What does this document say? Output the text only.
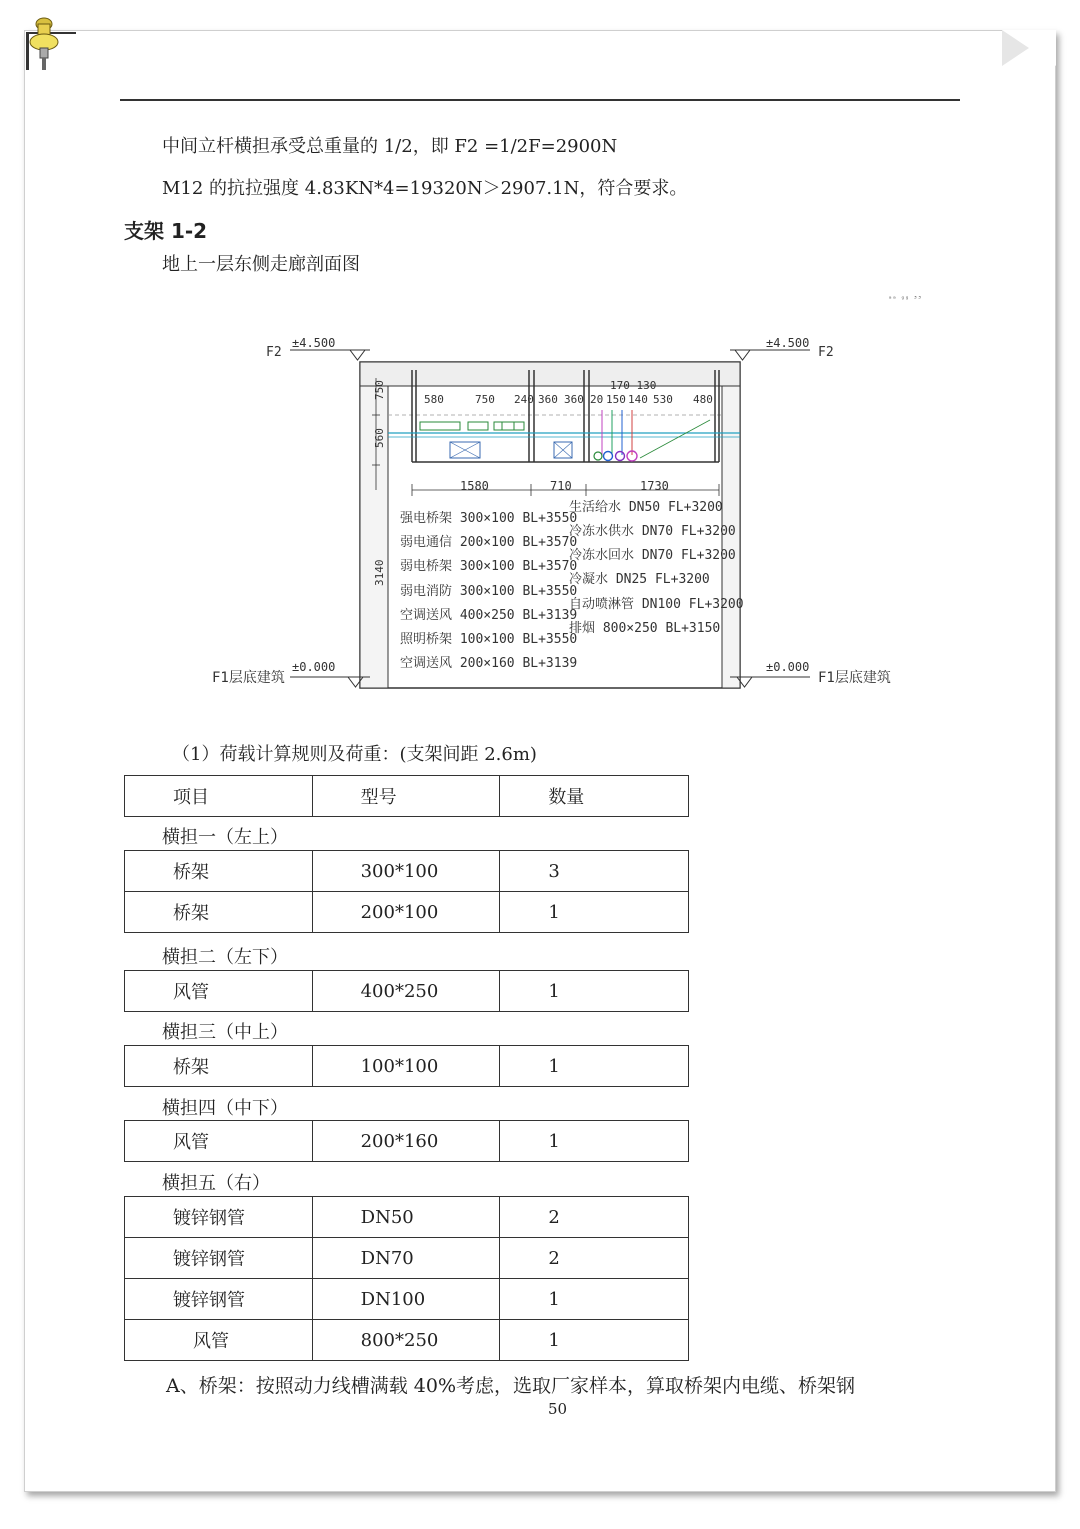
中间立杆横担承受总重量的 1/2，即 F2 =1/2F=2900N
M12 的抗拉强度 4.83KN*4=19320N＞2907.1N，符合要求。
支架 1-2
地上一层东侧走廊剖面图
ᵃᵃ ᵍᵍ ³³
±4.500	±4.500
F2	F2
±0.000	±0.000
F1层底建筑	F1层底建筑
750
560
3140
580	750 240 360 360 20 150 140 530 480
170 130
1580	710	1730
强电桥架 300×100 BL+3550
弱电通信 200×100 BL+3570
弱电桥架 300×100 BL+3570
弱电消防 300×100 BL+3550
空调送风 400×250 BL+3139
照明桥架 100×100 BL+3550
空调送风 200×160 BL+3139
生活给水 DN50 FL+3200
冷冻水供水 DN70 FL+3200
冷冻水回水 DN70 FL+3200
冷凝水 DN25 FL+3200
自动喷淋管 DN100 FL+3200
排烟 800×250 BL+3150
（1）荷载计算规则及荷重：(支架间距 2.6m)
项目	型号	数量
横担一（左上）
桥架	300*100	3
桥架	200*100	1
横担二（左下）
风管	400*250	1
横担三（中上）
桥架	100*100	1
横担四（中下）
风管	200*160	1
横担五（右）
镀锌钢管	DN50	2
镀锌钢管	DN70	2
镀锌钢管	DN100	1
风管	800*250	1
A、桥架：按照动力线槽满载 40%考虑，选取厂家样本，算取桥架内电缆、桥架钢
50
